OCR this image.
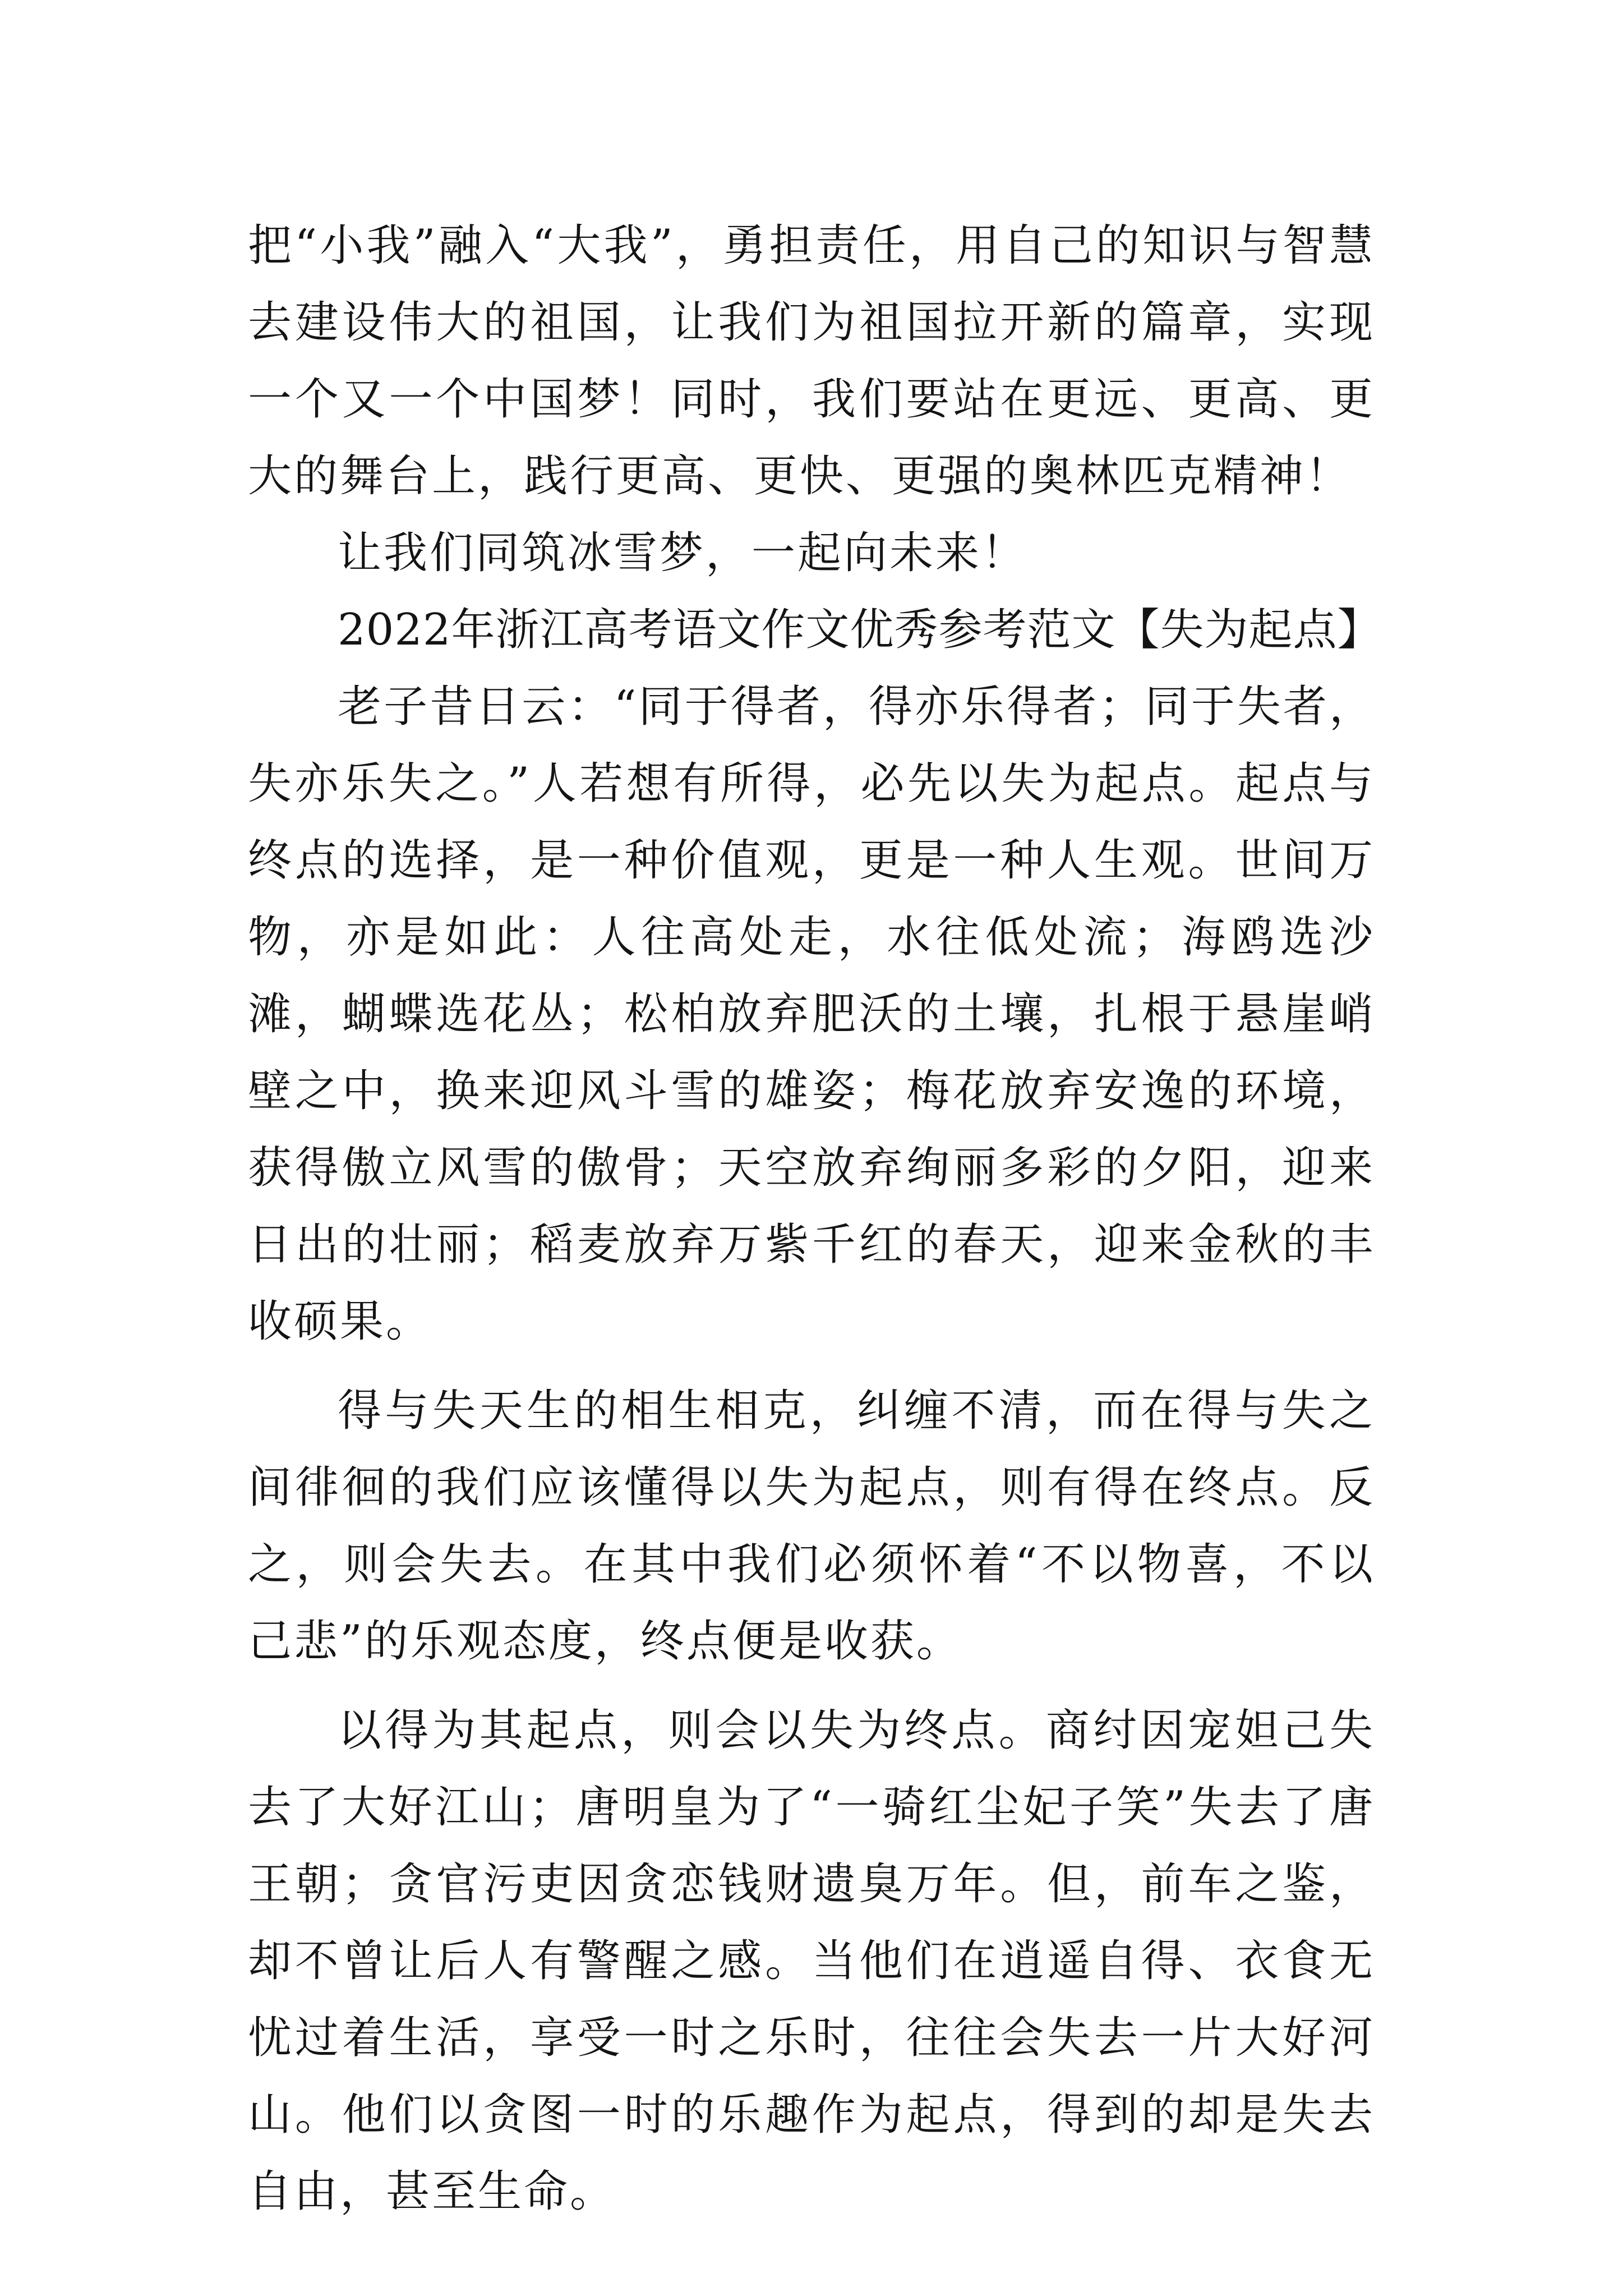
把“小我”融入“大我”，勇担责任，用自己的知识与智慧去建设伟大的祖国，让我们为祖国拉开新的篇章，实现一个又一个中国梦！同时，我们要站在更远、更高、更大的舞台上，践行更高、更快、更强的奥林匹克精神！

让我们同筑冰雪梦，一起向未来！

2022年浙江高考语文作文优秀参考范文【失为起点】

老子昔日云：“同于得者，得亦乐得者；同于失者，失亦乐失之。”人若想有所得，必先以失为起点。起点与终点的选择，是一种价值观，更是一种人生观。世间万物，亦是如此：人往高处走，水往低处流；海鸥选沙滩，蝴蝶选花丛；松柏放弃肥沃的土壤，扎根于悬崖峭壁之中，换来迎风斗雪的雄姿；梅花放弃安逸的环境，获得傲立风雪的傲骨；天空放弃绚丽多彩的夕阳，迎来日出的壮丽；稻麦放弃万紫千红的春天，迎来金秋的丰收硕果。

得与失天生的相生相克，纠缠不清，而在得与失之间徘徊的我们应该懂得以失为起点，则有得在终点。反之，则会失去。在其中我们必须怀着“不以物喜，不以己悲”的乐观态度，终点便是收获。

以得为其起点，则会以失为终点。商纣因宠妲己失去了大好江山；唐明皇为了“一骑红尘妃子笑”失去了唐王朝；贪官污吏因贪恋钱财遗臭万年。但，前车之鉴，却不曾让后人有警醒之感。当他们在逍遥自得、衣食无忧过着生活，享受一时之乐时，往往会失去一片大好河山。他们以贪图一时的乐趣作为起点，得到的却是失去自由，甚至生命。
